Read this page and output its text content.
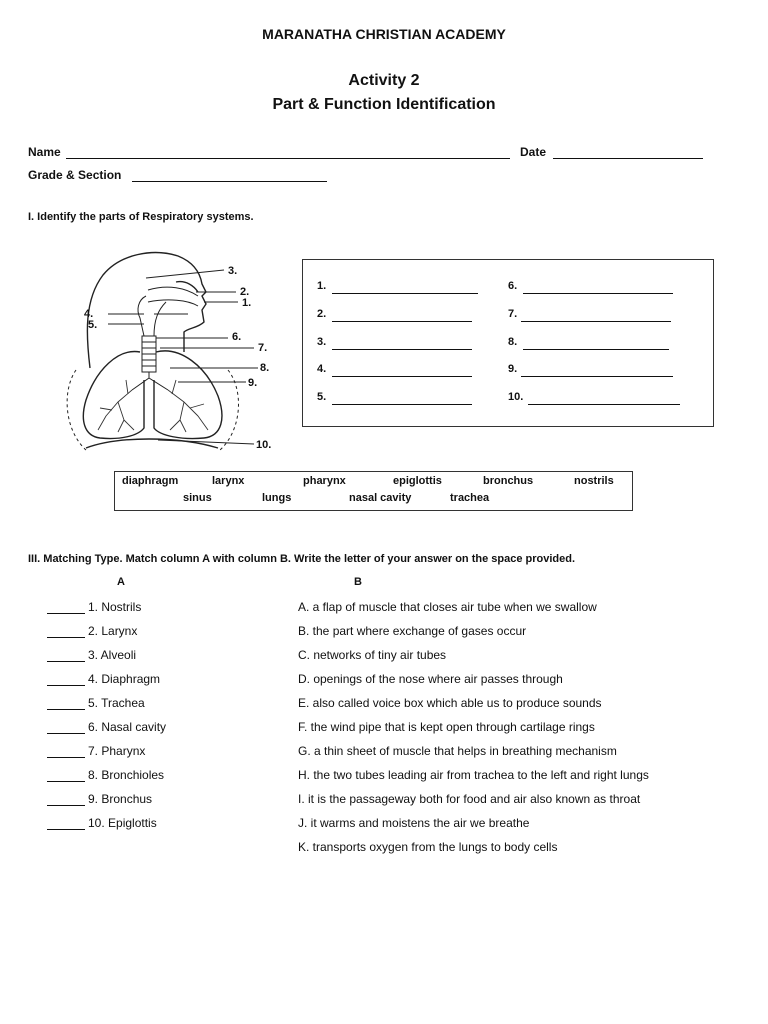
MARANATHA CHRISTIAN ACADEMY
Activity 2
Part & Function Identification
Name	Date
Grade & Section
I. Identify the parts of Respiratory systems.
3.
2.
1.
4.
5.
6.
7.
8.
9.
10.
1.
2.
3.
4.
5.
6.
7.
8.
9.
10.
diaphragm	larynx	pharynx	epiglottis	bronchus	nostrils
sinus	lungs	nasal cavity	trachea
III. Matching Type. Match column A with column B. Write the letter of your answer on the space provided.
A	B
1. Nostrils
2. Larynx
3. Alveoli
4. Diaphragm
5. Trachea
6. Nasal cavity
7. Pharynx
8. Bronchioles
9. Bronchus
10. Epiglottis
A. a flap of muscle that closes air tube when we swallow
B. the part where exchange of gases occur
C. networks of tiny air tubes
D. openings of the nose where air passes through
E. also called voice box which able us to produce sounds
F. the wind pipe that is kept open through cartilage rings
G. a thin sheet of muscle that helps in breathing mechanism
H. the two tubes leading air from trachea to the left and right lungs
I. it is the passageway both for food and air also known as throat
J. it warms and moistens the air we breathe
K. transports oxygen from the lungs to body cells
